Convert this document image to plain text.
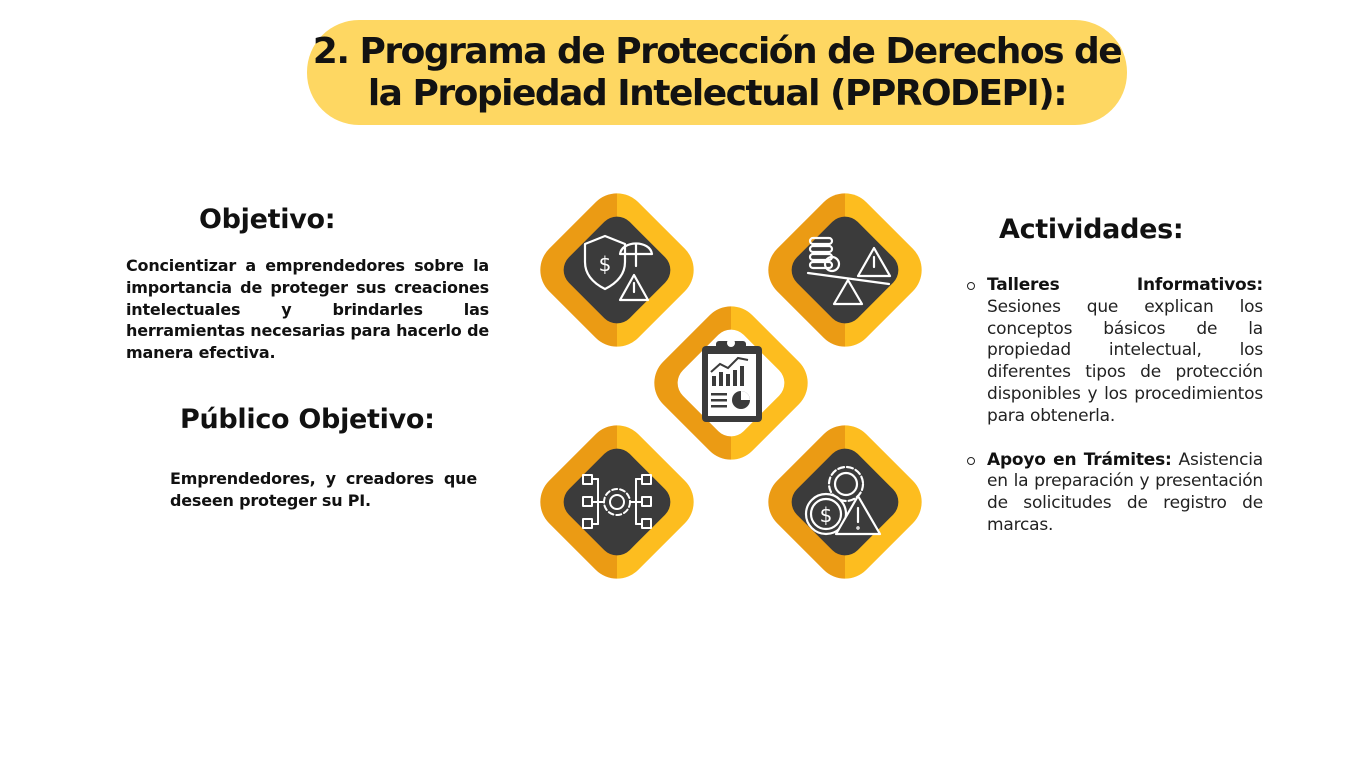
2. Programa de Protección de Derechos de
la Propiedad Intelectual (PPRODEPI):
Objetivo:
Concientizar a emprendedores sobre la importancia de proteger sus creaciones intelectuales y brindarles las herramientas necesarias para hacerlo de manera efectiva.
Público Objetivo:
Emprendedores, y creadores que deseen proteger su PI.
Actividades:
Talleres Informativos: Sesiones que explican los conceptos básicos de la propiedad intelectual, los diferentes tipos de protección disponibles y los procedimientos para obtenerla.
Apoyo en Trámites: Asistencia en la preparación y presentación de solicitudes de registro de marcas.
$
$
